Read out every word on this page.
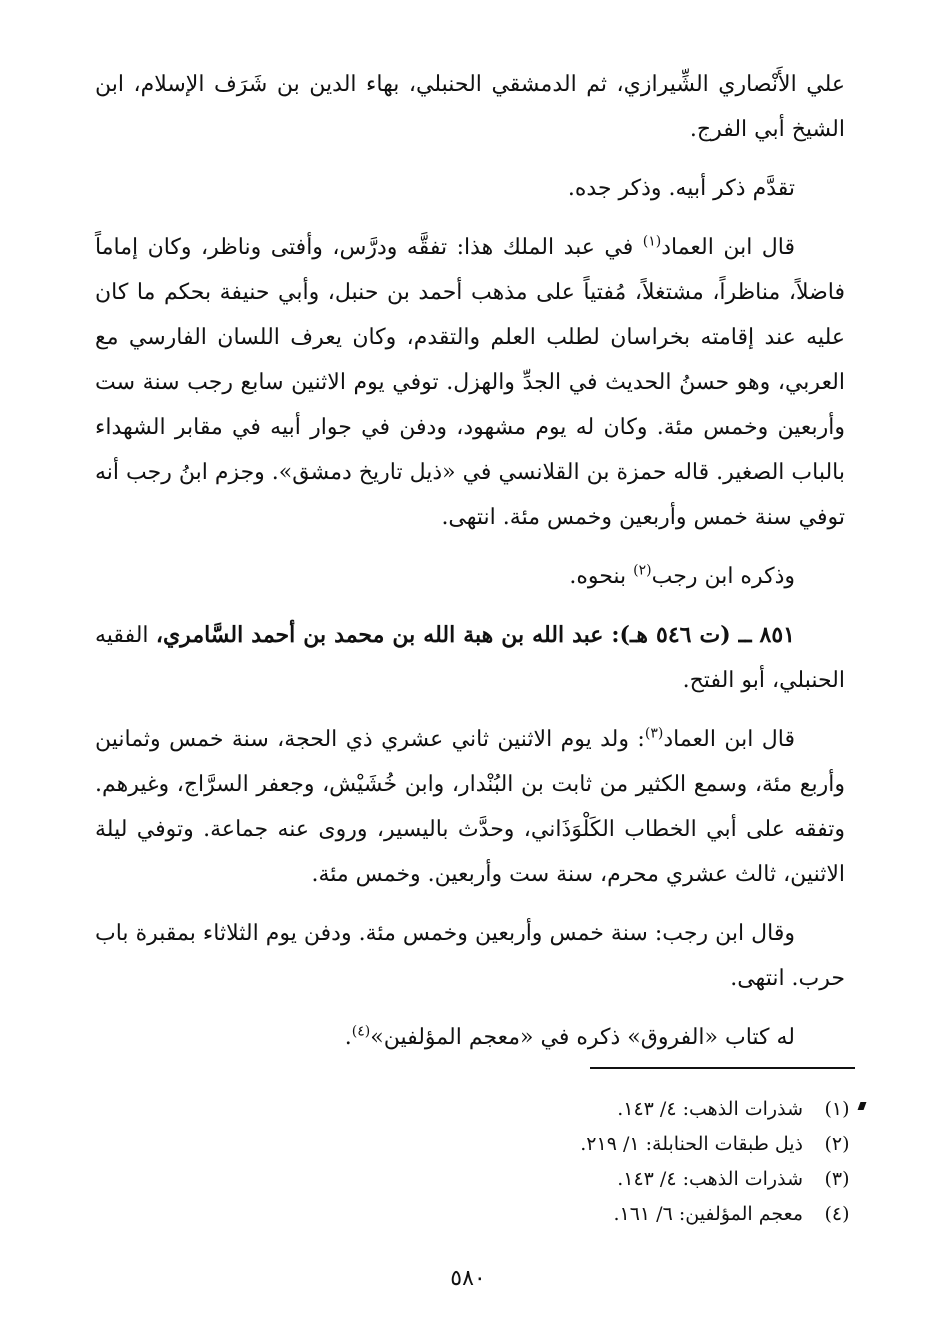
علي الأَنْصاري الشِّيرازي، ثم الدمشقي الحنبلي، بهاء الدين بن شَرَف الإسلام، ابن الشيخ أبي الفرج.

تقدَّم ذكر أبيه. وذكر جده.

قال ابن العماد$^{(١)}$ في عبد الملك هذا: تفقَّه ودرَّس، وأفتى وناظر، وكان إماماً فاضلاً، مناظراً، مشتغلاً، مُفتياً على مذهب أحمد بن حنبل، وأبي حنيفة بحكم ما كان عليه عند إقامته بخراسان لطلب العلم والتقدم، وكان يعرف اللسان الفارسي مع العربي، وهو حسنُ الحديث في الجدِّ والهزل. توفي يوم الاثنين سابع رجب سنة ست وأربعين وخمس مئة. وكان له يوم مشهود، ودفن في جوار أبيه في مقابر الشهداء بالباب الصغير. قاله حمزة بن القلانسي في «ذيل تاريخ دمشق». وجزم ابنُ رجب أنه توفي سنة خمس وأربعين وخمس مئة. انتهى.

وذكره ابن رجب$^{(٢)}$ بنحوه.

٨٥١ ــ (ت ٥٤٦ هـ): عبد الله بن هبة الله بن محمد بن أحمد السَّامري، الفقيه الحنبلي، أبو الفتح.

قال ابن العماد$^{(٣)}$: ولد يوم الاثنين ثاني عشري ذي الحجة، سنة خمس وثمانين وأربع مئة، وسمع الكثير من ثابت بن البُنْدار، وابن خُشَيْش، وجعفر السرَّاج، وغيرهم. وتفقه على أبي الخطاب الكَلْوَذَاني، وحدَّث باليسير، وروى عنه جماعة. وتوفي ليلة الاثنين، ثالث عشري محرم، سنة ست وأربعين. وخمس مئة.

وقال ابن رجب: سنة خمس وأربعين وخمس مئة. ودفن يوم الثلاثاء بمقبرة باب حرب. انتهى.

له كتاب «الفروق» ذكره في «معجم المؤلفين»$^{(٤)}$.

(١)
شذرات الذهب: ٤/ ١٤٣.
(٢)
ذيل طبقات الحنابلة: ١/ ٢١٩.
(٣)
شذرات الذهب: ٤/ ١٤٣.
(٤)
معجم المؤلفين: ٦/ ١٦١.
٥٨٠
